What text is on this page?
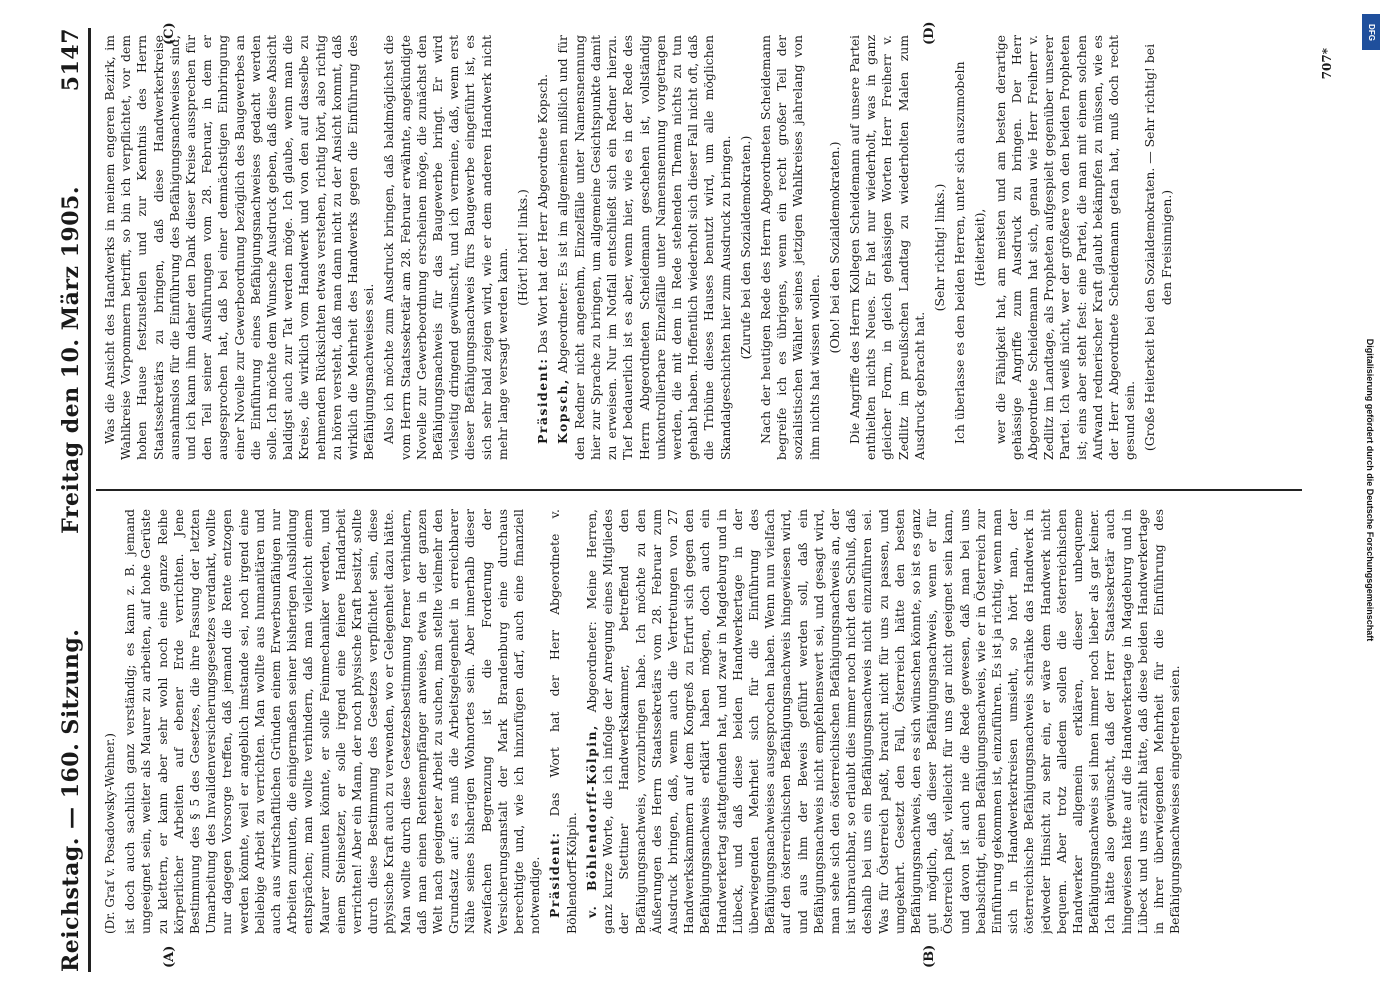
Reichstag. — 160. Sitzung.
Freitag den 10. März 1905.
5147
(A)	(B)
(C)	(D)

(Dr. Graf v. Posadowsky-Wehner.) ist doch auch sachlich ganz verständig; es kann z. B. jemand ungeeignet sein, weiter als Maurer zu arbeiten, auf hohe Gerüste zu klettern, er kann aber sehr wohl noch eine ganze Reihe körperlicher Arbeiten auf ebener Erde verrichten. Jene Bestimmung des § 5 des Gesetzes, die ihre Fassung der letzten Umarbeitung des Invalidenversicherungsgesetzes verdankt, wollte nur dagegen Vorsorge treffen, daß jemand die Rente entzogen werden könnte, weil er angeblich imstande sei, noch irgend eine beliebige Arbeit zu verrichten. Man wollte aus humanitären und auch aus wirtschaftlichen Gründen einem Erwerbsunfähigen nur Arbeiten zumuten, die einigermaßen seiner bisherigen Ausbildung entsprächen; man wollte verhindern, daß man vielleicht einem Maurer zumuten könnte, er solle Feinmechaniker werden, und einem Steinsetzer, er solle irgend eine feinere Handarbeit verrichten! Aber ein Mann, der noch physische Kraft besitzt, sollte durch diese Bestimmung des Gesetzes verpflichtet sein, diese physische Kraft auch zu verwenden, wo er Gelegenheit dazu hätte. Man wollte durch diese Gesetzesbestimmung ferner verhindern, daß man einen Rentenempfänger anweise, etwa in der ganzen Welt nach geeigneter Arbeit zu suchen, man stellte vielmehr den Grundsatz auf: es muß die Arbeitsgelegenheit in erreichbarer Nähe seines bisherigen Wohnortes sein. Aber innerhalb dieser zweifachen Begrenzung ist die Forderung der Versicherungsanstalt der Mark Brandenburg eine durchaus berechtigte und, wie ich hinzufügen darf, auch eine finanziell notwendige. Präsident: Das Wort hat der Herr Abgeordnete v. Böhlendorff-Kölpin. v. Böhlendorff-Kölpin, Abgeordneter: Meine Herren, ganz kurze Worte, die ich infolge der Anregung eines Mitgliedes der Stettiner Handwerkskammer, betreffend den Befähigungsnachweis, vorzubringen habe. Ich möchte zu den Äußerungen des Herrn Staatssekretärs vom 28. Februar zum Ausdruck bringen, daß, wenn auch die Vertretungen von 27 Handwerkskammern auf dem Kongreß zu Erfurt sich gegen den Befähigungsnachweis erklärt haben mögen, doch auch ein Handwerkertag stattgefunden hat, und zwar in Magdeburg und in Lübeck, und daß diese beiden Handwerkertage in der überwiegenden Mehrheit sich für die Einführung des Befähigungsnachweises ausgesprochen haben. Wenn nun vielfach auf den österreichischen Befähigungsnachweis hingewiesen wird, und aus ihm der Beweis geführt werden soll, daß ein Befähigungsnachweis nicht empfehlenswert sei, und gesagt wird, man sehe sich den österreichischen Befähigungsnachweis an, der ist unbrauchbar, so erlaubt dies immer noch nicht den Schluß, daß deshalb bei uns ein Befähigungsnachweis nicht einzuführen sei. Was für Österreich paßt, braucht nicht für uns zu passen, und umgekehrt. Gesetzt den Fall, Österreich hätte den besten Befähigungsnachweis, den es sich wünschen könnte, so ist es ganz gut möglich, daß dieser Befähigungsnachweis, wenn er für Österreich paßt, vielleicht für uns gar nicht geeignet sein kann, und davon ist auch nie die Rede gewesen, daß man bei uns beabsichtigt, einen Befähigungsnachweis, wie er in Österreich zur Einführung gekommen ist, einzuführen. Es ist ja richtig, wenn man sich in Handwerkerkreisen umsieht, so hört man, der österreichische Befähigungsnachweis schränke das Handwerk in jedweder Hinsicht zu sehr ein, er wäre dem Handwerk nicht bequem. Aber trotz alledem sollen die österreichischen Handwerker allgemein erklären, dieser unbequeme Befähigungsnachweis sei ihnen immer noch lieber als gar keiner. Ich hätte also gewünscht, daß der Herr Staatssekretär auch hingewiesen hätte auf die Handwerkertage in Magdeburg und in Lübeck und uns erzählt hätte, daß diese beiden Handwerkertage in ihrer überwiegenden Mehrheit für die Einführung des Befähigungsnachweises eingetreten seien.

Was die Ansicht des Handwerks in meinem engeren Bezirk, im Wahlkreise Vorpommern betrifft, so bin ich verpflichtet, vor dem hohen Hause festzustellen und zur Kenntnis des Herrn Staatssekretärs zu bringen, daß diese Handwerkerkreise ausnahmslos für die Einführung des Befähigungsnachweises sind, und ich kann ihm daher den Dank dieser Kreise aussprechen für den Teil seiner Ausführungen vom 28. Februar, in dem er ausgesprochen hat, daß bei einer demnächstigen Einbringung einer Novelle zur Gewerbeordnung bezüglich des Baugewerbes an die Einführung eines Befähigungsnachweises gedacht werden solle. Ich möchte dem Wunsche Ausdruck geben, daß diese Absicht baldigst auch zur Tat werden möge. Ich glaube, wenn man die Kreise, die wirklich vom Handwerk und von den auf dasselbe zu nehmenden Rücksichten etwas verstehen, richtig hört, also richtig zu hören versteht, daß man dann nicht zu der Ansicht kommt, daß wirklich die Mehrheit des Handwerks gegen die Einführung des Befähigungsnachweises sei. Also ich möchte zum Ausdruck bringen, daß baldmöglichst die vom Herrn Staatssekretär am 28. Februar erwähnte, angekündigte Novelle zur Gewerbeordnung erscheinen möge, die zunächst den Befähigungsnachweis für das Baugewerbe bringt. Er wird vielseitig dringend gewünscht, und ich vermeine, daß, wenn erst dieser Befähigungsnachweis fürs Baugewerbe eingeführt ist, es sich sehr bald zeigen wird, wie er dem anderen Handwerk nicht mehr lange versagt werden kann.

(Hört! hört! links.)

Präsident: Das Wort hat der Herr Abgeordnete Kopsch.

Kopsch, Abgeordneter: Es ist im allgemeinen mißlich und für den Redner nicht angenehm, Einzelfälle unter Namensnennung hier zur Sprache zu bringen, um allgemeine Gesichtspunkte damit zu erweisen. Nur im Notfall entschließt sich ein Redner hierzu. Tief bedauerlich ist es aber, wenn hier, wie es in der Rede des Herrn Abgeordneten Scheidemann geschehen ist, vollständig unkontrollierbare Einzelfälle unter Namensnennung vorgetragen werden, die mit dem in Rede stehenden Thema nichts zu tun gehabt haben. Hoffentlich wiederholt sich dieser Fall nicht oft, daß die Tribüne dieses Hauses benutzt wird, um alle möglichen Skandalgeschichten hier zum Ausdruck zu bringen. (Zurufe bei den Sozialdemokraten.) Nach der heutigen Rede des Herrn Abgeordneten Scheidemann begreife ich es übrigens, wenn ein recht großer Teil der sozialistischen Wähler seines jetzigen Wahlkreises jahrelang von ihm nichts hat wissen wollen.

(Oho! bei den Sozialdemokraten.) Die Angriffe des Herrn Kollegen Scheidemann auf unsere Partei enthielten nichts Neues. Er hat nur wiederholt, was in ganz gleicher Form, in gleich gehässigen Worten Herr Freiherr v. Zedlitz im preußischen Landtag zu wiederholten Malen zum Ausdruck gebracht hat.

(Sehr richtig! links.) Ich überlasse es den beiden Herren, unter sich auszumobeln (Heiterkeit), wer die Fähigkeit hat, am meisten und am besten derartige gehässige Angriffe zum Ausdruck zu bringen. Der Herr Abgeordnete Scheidemann hat sich, genau wie Herr Freiherr v. Zedlitz im Landtage, als Propheten aufgespielt gegenüber unserer Partei. Ich weiß nicht, wer der größere von den beiden Propheten ist; eins aber steht fest: eine Partei, die man mit einem solchen Aufwand rednerischer Kraft glaubt bekämpfen zu müssen, wie es der Herr Abgeordnete Scheidemann getan hat, muß doch recht gesund sein. (Große Heiterkeit bei den Sozialdemokraten. — Sehr richtig! bei den Freisinnigen.)

707*
DFG
Digitalisierung gefördert durch die Deutsche Forschungsgemeinschaft
